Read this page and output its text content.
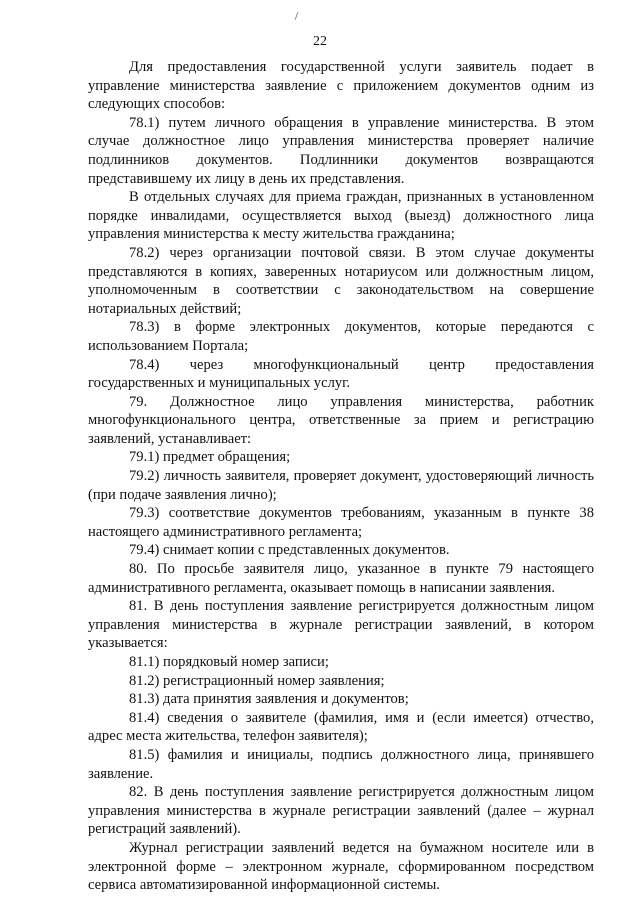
22

Для предоставления государственной услуги заявитель подает в управление министерства заявление с приложением документов одним из следующих способов:

78.1) путем личного обращения в управление министерства. В этом случае должностное лицо управления министерства проверяет наличие подлинников документов. Подлинники документов возвращаются представившему их лицу в день их представления.

В отдельных случаях для приема граждан, признанных в установленном порядке инвалидами, осуществляется выход (выезд) должностного лица управления министерства к месту жительства гражданина;

78.2) через организации почтовой связи. В этом случае документы представляются в копиях, заверенных нотариусом или должностным лицом, уполномоченным в соответствии с законодательством на совершение нотариальных действий;

78.3) в форме электронных документов, которые передаются с использованием Портала;

78.4) через многофункциональный центр предоставления государственных и муниципальных услуг.

79. Должностное лицо управления министерства, работник многофункционального центра, ответственные за прием и регистрацию заявлений, устанавливает:

79.1) предмет обращения;

79.2) личность заявителя, проверяет документ, удостоверяющий личность (при подаче заявления лично);

79.3) соответствие документов требованиям, указанным в пункте 38 настоящего административного регламента;

79.4) снимает копии с представленных документов.

80. По просьбе заявителя лицо, указанное в пункте 79 настоящего административного регламента, оказывает помощь в написании заявления.

81. В день поступления заявление регистрируется должностным лицом управления министерства в журнале регистрации заявлений, в котором указывается:

81.1) порядковый номер записи;

81.2) регистрационный номер заявления;

81.3) дата принятия заявления и документов;

81.4) сведения о заявителе (фамилия, имя и (если имеется) отчество, адрес места жительства, телефон заявителя);

81.5) фамилия и инициалы, подпись должностного лица, принявшего заявление.

82. В день поступления заявление регистрируется должностным лицом управления министерства в журнале регистрации заявлений (далее – журнал регистраций заявлений).

Журнал регистрации заявлений ведется на бумажном носителе или в электронной форме – электронном журнале, сформированном посредством сервиса автоматизированной информационной системы.
